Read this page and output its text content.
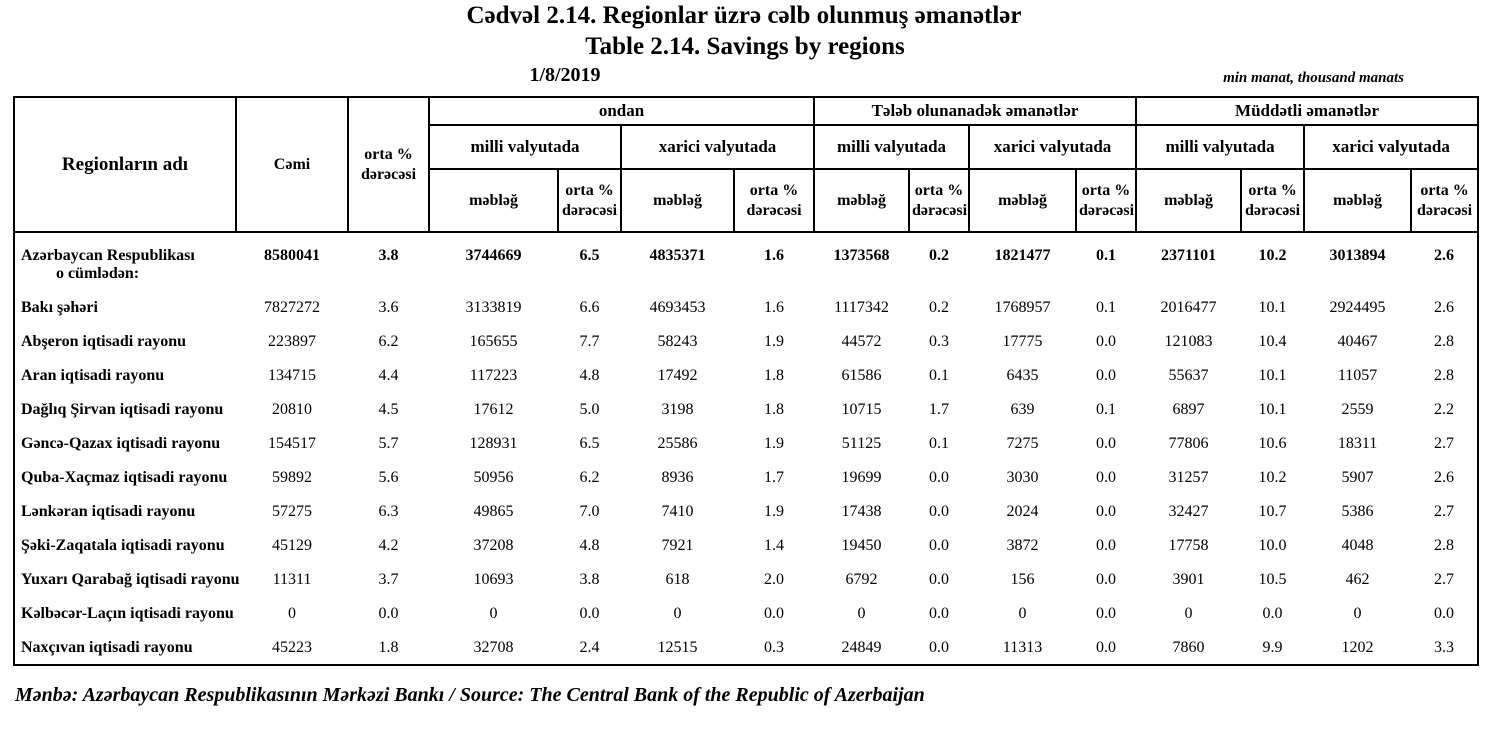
Cədvəl 2.14. Regionlar üzrə cəlb olunmuş əmanətlər
Table 2.14. Savings by regions
1/8/2019	min manat, thousand manats
Regionların adı	Cəmi	orta % dərəcəsi	ondan				Tələb olunanadək əmanətlər				Müddətli əmanətlər			
			milli valyutada		xarici valyutada		milli valyutada		xarici valyutada		milli valyutada		xarici valyutada	
			məbləğ	orta % dərəcəsi	məbləğ	orta % dərəcəsi	məbləğ	orta % dərəcəsi	məbləğ	orta % dərəcəsi	məbləğ	orta % dərəcəsi	məbləğ	orta % dərəcəsi

Azərbaycan Respublikası
o cümlədən:	8580041	3.8	3744669	6.5	4835371	1.6	1373568	0.2	1821477	0.1	2371101	10.2	3013894	2.6

Bakı şəhəri	7827272	3.6	3133819	6.6	4693453	1.6	1117342	0.2	1768957	0.1	2016477	10.1	2924495	2.6

Abşeron iqtisadi rayonu	223897	6.2	165655	7.7	58243	1.9	44572	0.3	17775	0.0	121083	10.4	40467	2.8

Aran iqtisadi rayonu	134715	4.4	117223	4.8	17492	1.8	61586	0.1	6435	0.0	55637	10.1	11057	2.8

Dağlıq Şirvan iqtisadi rayonu	20810	4.5	17612	5.0	3198	1.8	10715	1.7	639	0.1	6897	10.1	2559	2.2

Gəncə-Qazax iqtisadi rayonu	154517	5.7	128931	6.5	25586	1.9	51125	0.1	7275	0.0	77806	10.6	18311	2.7

Quba-Xaçmaz iqtisadi rayonu	59892	5.6	50956	6.2	8936	1.7	19699	0.0	3030	0.0	31257	10.2	5907	2.6

Lənkəran iqtisadi rayonu	57275	6.3	49865	7.0	7410	1.9	17438	0.0	2024	0.0	32427	10.7	5386	2.7

Şəki-Zaqatala iqtisadi rayonu	45129	4.2	37208	4.8	7921	1.4	19450	0.0	3872	0.0	17758	10.0	4048	2.8

Yuxarı Qarabağ iqtisadi rayonu	11311	3.7	10693	3.8	618	2.0	6792	0.0	156	0.0	3901	10.5	462	2.7

Kəlbəcər-Laçın iqtisadi rayonu	0	0.0	0	0.0	0	0.0	0	0.0	0	0.0	0	0.0	0	0.0

Naxçıvan iqtisadi rayonu	45223	1.8	32708	2.4	12515	0.3	24849	0.0	11313	0.0	7860	9.9	1202	3.3
Mənbə: Azərbaycan Respublikasının Mərkəzi Bankı / Source: The Central Bank of the Republic of Azerbaijan
